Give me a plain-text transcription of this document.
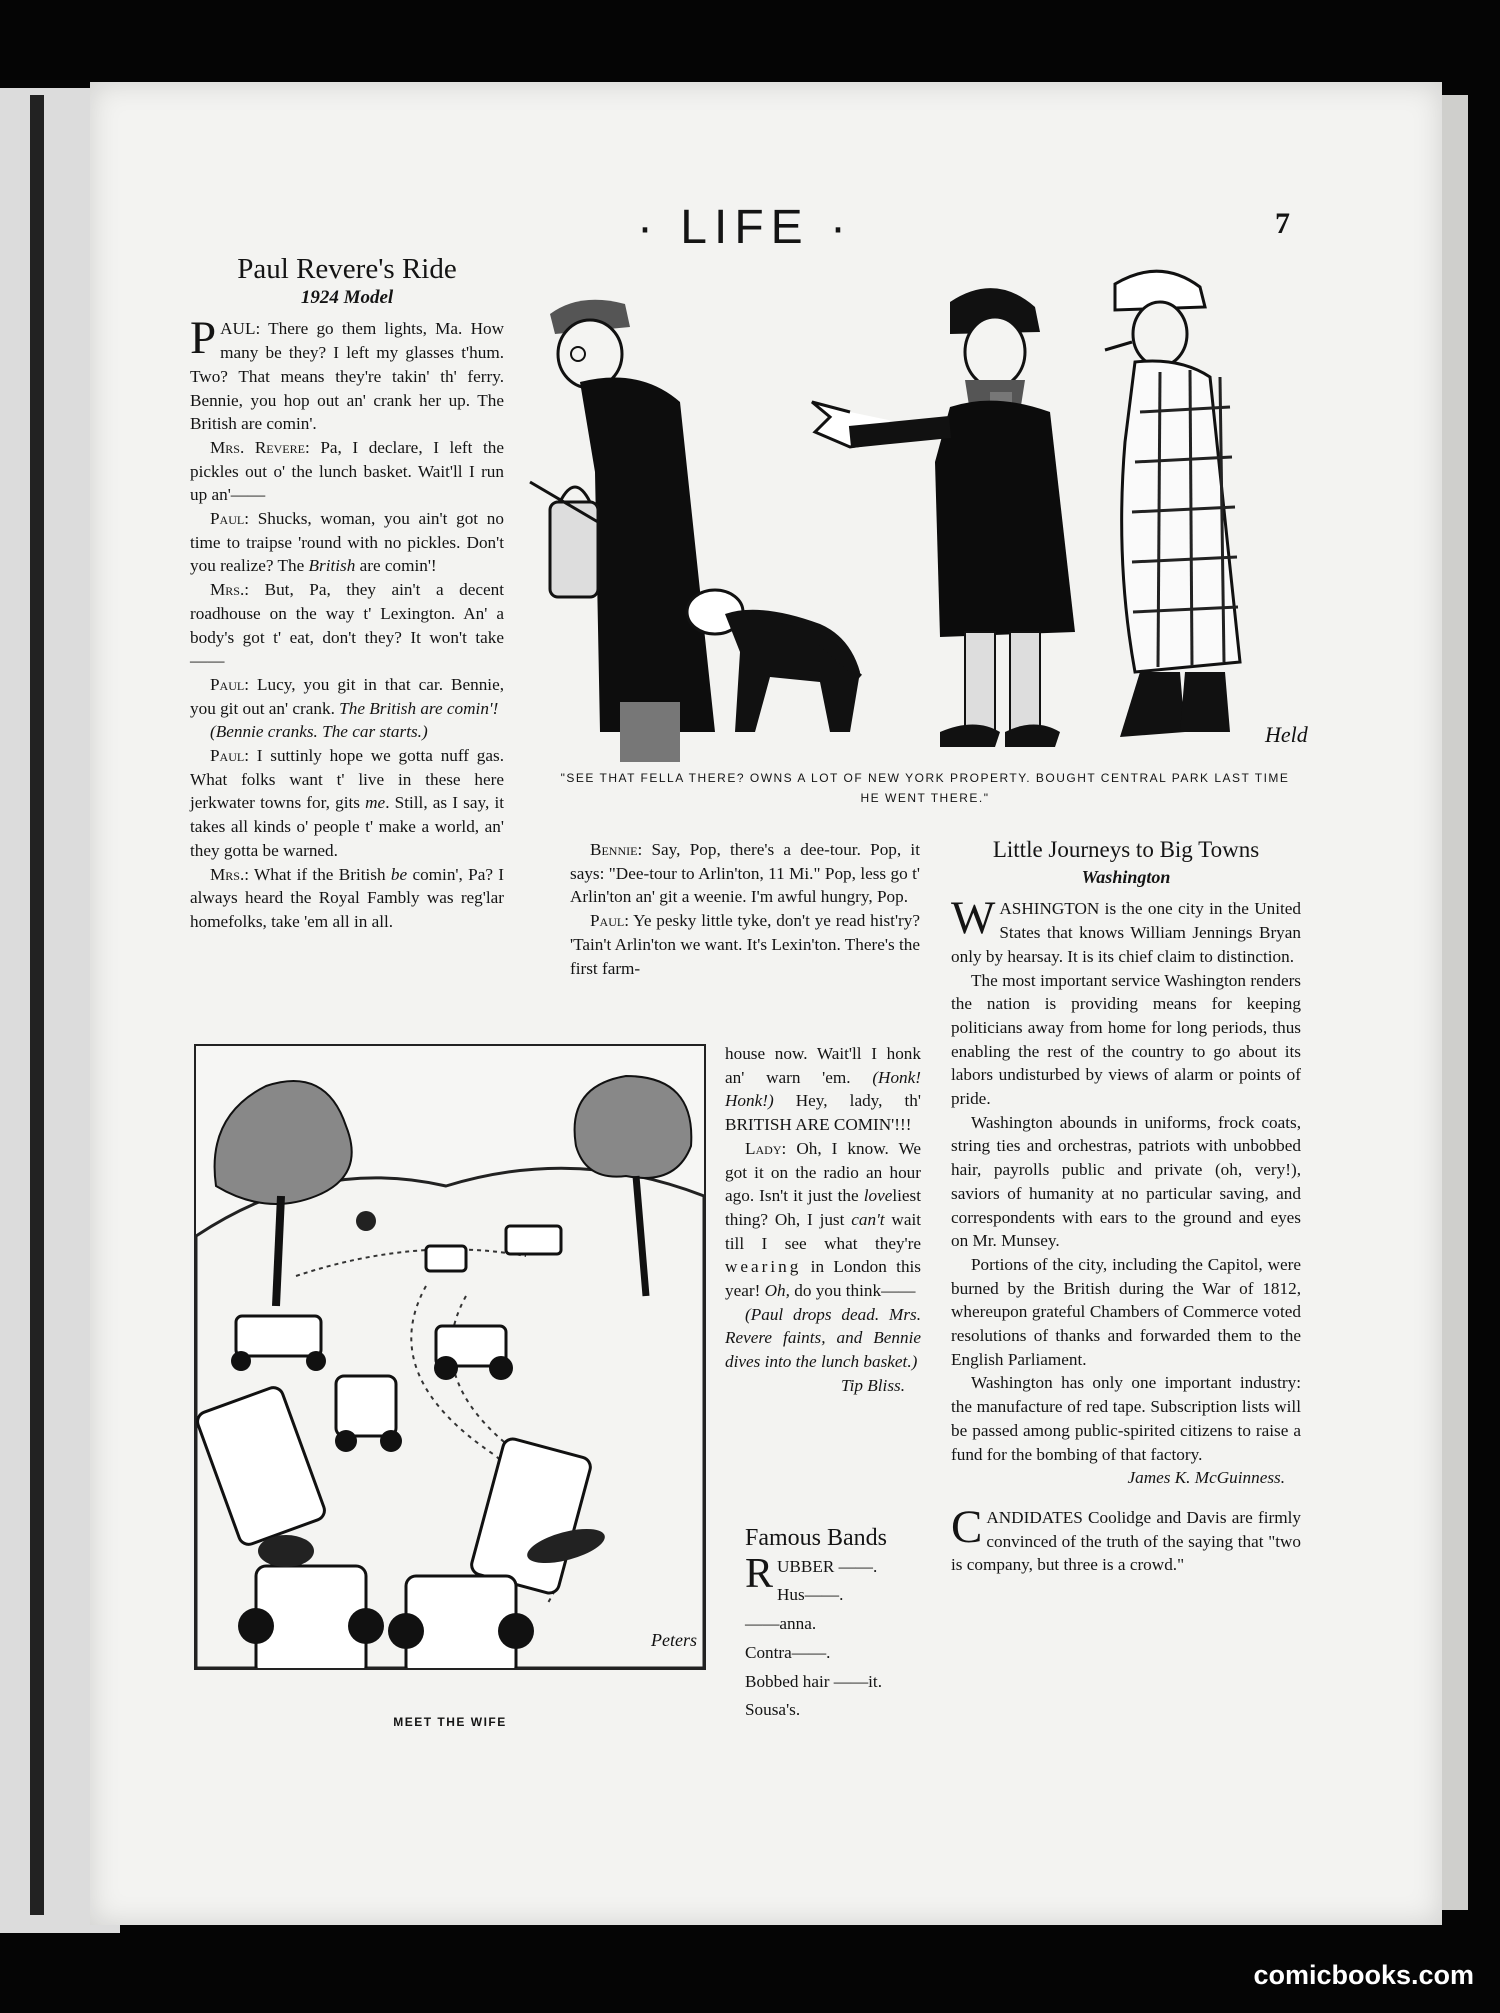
comicbooks.com
· LIFE ·	7
Paul Revere's Ride
1924 Model

PAUL: There go them lights, Ma. How many be they? I left my glasses t'hum. Two? That means they're takin' th' ferry. Bennie, you hop out an' crank her up. The British are comin'.

Mrs. Revere: Pa, I declare, I left the pickles out o' the lunch basket. Wait'll I run up an'——

Paul: Shucks, woman, you ain't got no time to traipse 'round with no pickles. Don't you realize? The British are comin'!

Mrs.: But, Pa, they ain't a decent roadhouse on the way t' Lexington. An' a body's got t' eat, don't they? It won't take——

Paul: Lucy, you git in that car. Bennie, you git out an' crank. The British are comin'!

(Bennie cranks. The car starts.)

Paul: I suttinly hope we gotta nuff gas. What folks want t' live in these here jerkwater towns for, gits me. Still, as I say, it takes all kinds o' people t' make a world, an' they gotta be warned.

Mrs.: What if the British be comin', Pa? I always heard the Royal Fambly was reg'lar homefolks, take 'em all in all.

Bennie: Say, Pop, there's a dee-tour. Pop, it says: "Dee-tour to Arlin'ton, 11 Mi." Pop, less go t' Arlin'ton an' git a weenie. I'm awful hungry, Pop.

Paul: Ye pesky little tyke, don't ye read hist'ry? 'Tain't Arlin'ton we want. It's Lexin'ton. There's the first farm-

house now. Wait'll I honk an' warn 'em. (Honk! Honk!) Hey, lady, th' BRITISH ARE COMIN'!!!

Lady: Oh, I know. We got it on the radio an hour ago. Isn't it just the loveliest thing? Oh, I just can't wait till I see what they're wearing in London this year! Oh, do you think——

(Paul drops dead. Mrs. Revere faints, and Bennie dives into the lunch basket.)

Tip Bliss.
Famous Bands

RUBBER ——.

Hus——.

——anna.

Contra——.

Bobbed hair ——it.

Sousa's.

Little Journeys to Big Towns
Washington

WASHINGTON is the one city in the United States that knows William Jennings Bryan only by hearsay. It is its chief claim to distinction.

The most important service Washington renders the nation is providing means for keeping politicians away from home for long periods, thus enabling the rest of the country to go about its labors undisturbed by views of alarm or points of pride.

Washington abounds in uniforms, frock coats, string ties and orchestras, patriots with unbobbed hair, payrolls public and private (oh, very!), saviors of humanity at no particular saving, and correspondents with ears to the ground and eyes on Mr. Munsey.

Portions of the city, including the Capitol, were burned by the British during the War of 1812, whereupon grateful Chambers of Commerce voted resolutions of thanks and forwarded them to the English Parliament.

Washington has only one important industry: the manufacture of red tape. Subscription lists will be passed among public-spirited citizens to raise a fund for the bombing of that factory.

James K. McGuinness.

CANDIDATES Coolidge and Davis are firmly convinced of the truth of the saying that "two is company, but three is a crowd."

Held
"SEE THAT FELLA THERE? OWNS A LOT OF NEW YORK PROPERTY. BOUGHT CENTRAL PARK LAST TIME HE WENT THERE."
Peters
MEET THE WIFE
